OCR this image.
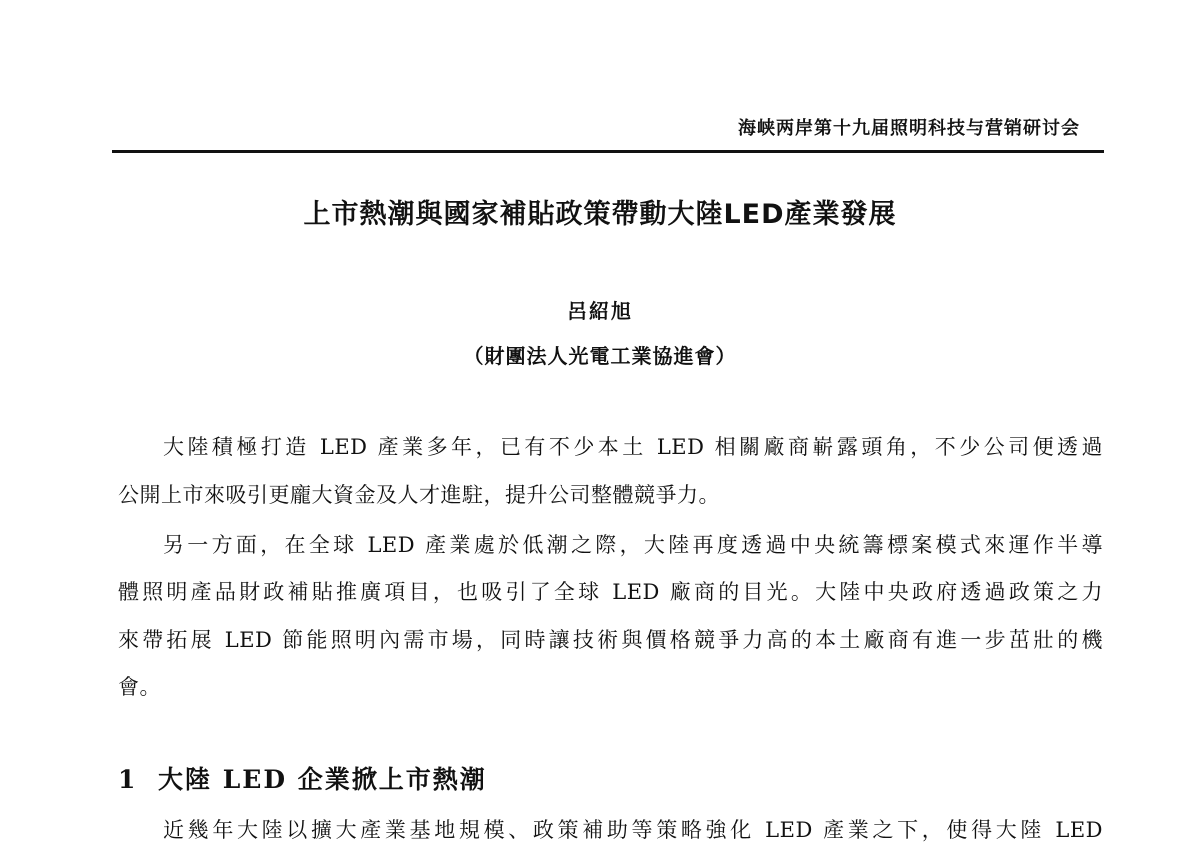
海峡两岸第十九届照明科技与营销研讨会
上市熱潮與國家補貼政策帶動大陸LED產業發展
呂紹旭
（財團法人光電工業協進會）
大陸積極打造 LED 產業多年，已有不少本土 LED 相關廠商嶄露頭角，不少公司便透過
公開上市來吸引更龐大資金及人才進駐，提升公司整體競爭力。
另一方面，在全球 LED 產業處於低潮之際，大陸再度透過中央統籌標案模式來運作半導
體照明產品財政補貼推廣項目，也吸引了全球 LED 廠商的目光。大陸中央政府透過政策之力
來帶拓展 LED 節能照明內需市場，同時讓技術與價格競爭力高的本土廠商有進一步茁壯的機
會。
1 大陸 LED 企業掀上市熱潮
近幾年大陸以擴大產業基地規模、政策補助等策略強化 LED 產業之下，使得大陸 LED
